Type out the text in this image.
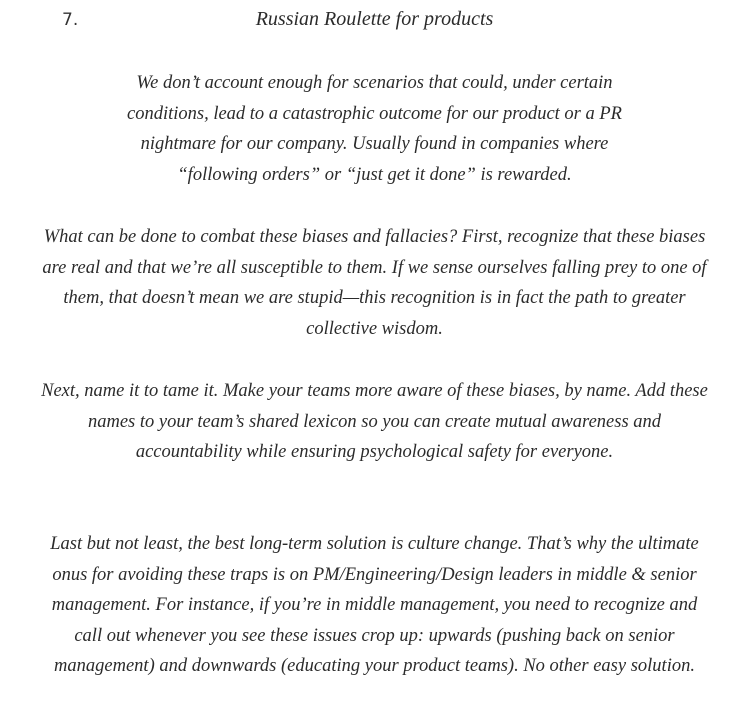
7.	Russian Roulette for products

We don’t account enough for scenarios that could, under certain conditions, lead to a catastrophic outcome for our product or a PR nightmare for our company. Usually found in companies where “following orders” or “just get it done” is rewarded.

What can be done to combat these biases and fallacies? First, recognize that these biases are real and that we’re all susceptible to them. If we sense ourselves falling prey to one of them, that doesn’t mean we are stupid—this recognition is in fact the path to greater collective wisdom.

Next, name it to tame it. Make your teams more aware of these biases, by name. Add these names to your team’s shared lexicon so you can create mutual awareness and accountability while ensuring psychological safety for everyone.

Last but not least, the best long-term solution is culture change. That’s why the ultimate onus for avoiding these traps is on PM/Engineering/Design leaders in middle & senior management. For instance, if you’re in middle management, you need to recognize and call out whenever you see these issues crop up: upwards (pushing back on senior management) and downwards (educating your product teams). No other easy solution.
